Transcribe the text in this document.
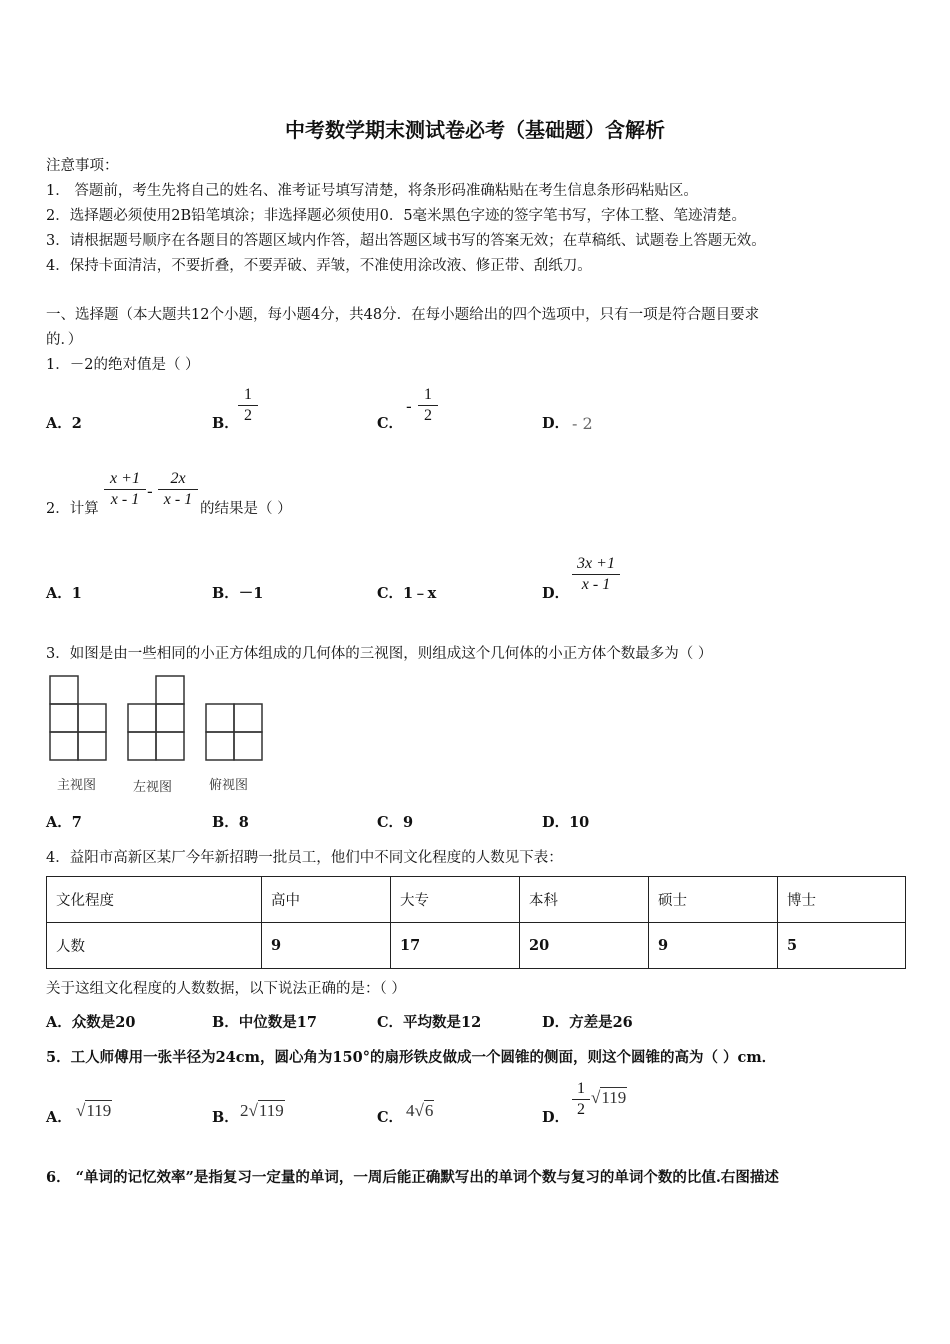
中考数学期末测试卷必考（基础题）含解析
注意事项：
1． 答题前，考生先将自己的姓名、准考证号填写清楚，将条形码准确粘贴在考生信息条形码粘贴区。
2．选择题必须使用2B铅笔填涂；非选择题必须使用0．5毫米黑色字迹的签字笔书写，字体工整、笔迹清楚。
3．请根据题号顺序在各题目的答题区域内作答，超出答题区域书写的答案无效；在草稿纸、试题卷上答题无效。
4．保持卡面清洁，不要折叠，不要弄破、弄皱，不准使用涂改液、修正带、刮纸刀。
一、选择题（本大题共12个小题，每小题4分，共48分．在每小题给出的四个选项中，只有一项是符合题目要求
的．）
1．－2的绝对值是（ ）
A．2	B．
1
2	C．
-
1
2	D． - 2
2．计算
x +1
x - 1 -
2x
x - 1
的结果是（ ）
A．1	B．－1	C．1﹣x	D．
3x +1
x - 1
3．如图是由一些相同的小正方体组成的几何体的三视图，则组成这个几何体的小正方体个数最多为（ ）
主视图	左视图	俯视图
A．7	B．8	C．9	D．10
4．益阳市高新区某厂今年新招聘一批员工，他们中不同文化程度的人数见下表：
文化程度	高中	大专	本科	硕士	博士
人数	9	17	20	9	5
关于这组文化程度的人数数据，以下说法正确的是：（ ）
A．众数是20	B．中位数是17	C．平均数是12	D．方差是26
5．工人师傅用一张半径为24cm，圆心角为150°的扇形铁皮做成一个圆锥的侧面，则这个圆锥的高为（ ）cm．
A． √119	B． 2√119	C． 4√6	D．
1
2
√119
6． “单词的记忆效率”是指复习一定量的单词，一周后能正确默写出的单词个数与复习的单词个数的比值.右图描述
